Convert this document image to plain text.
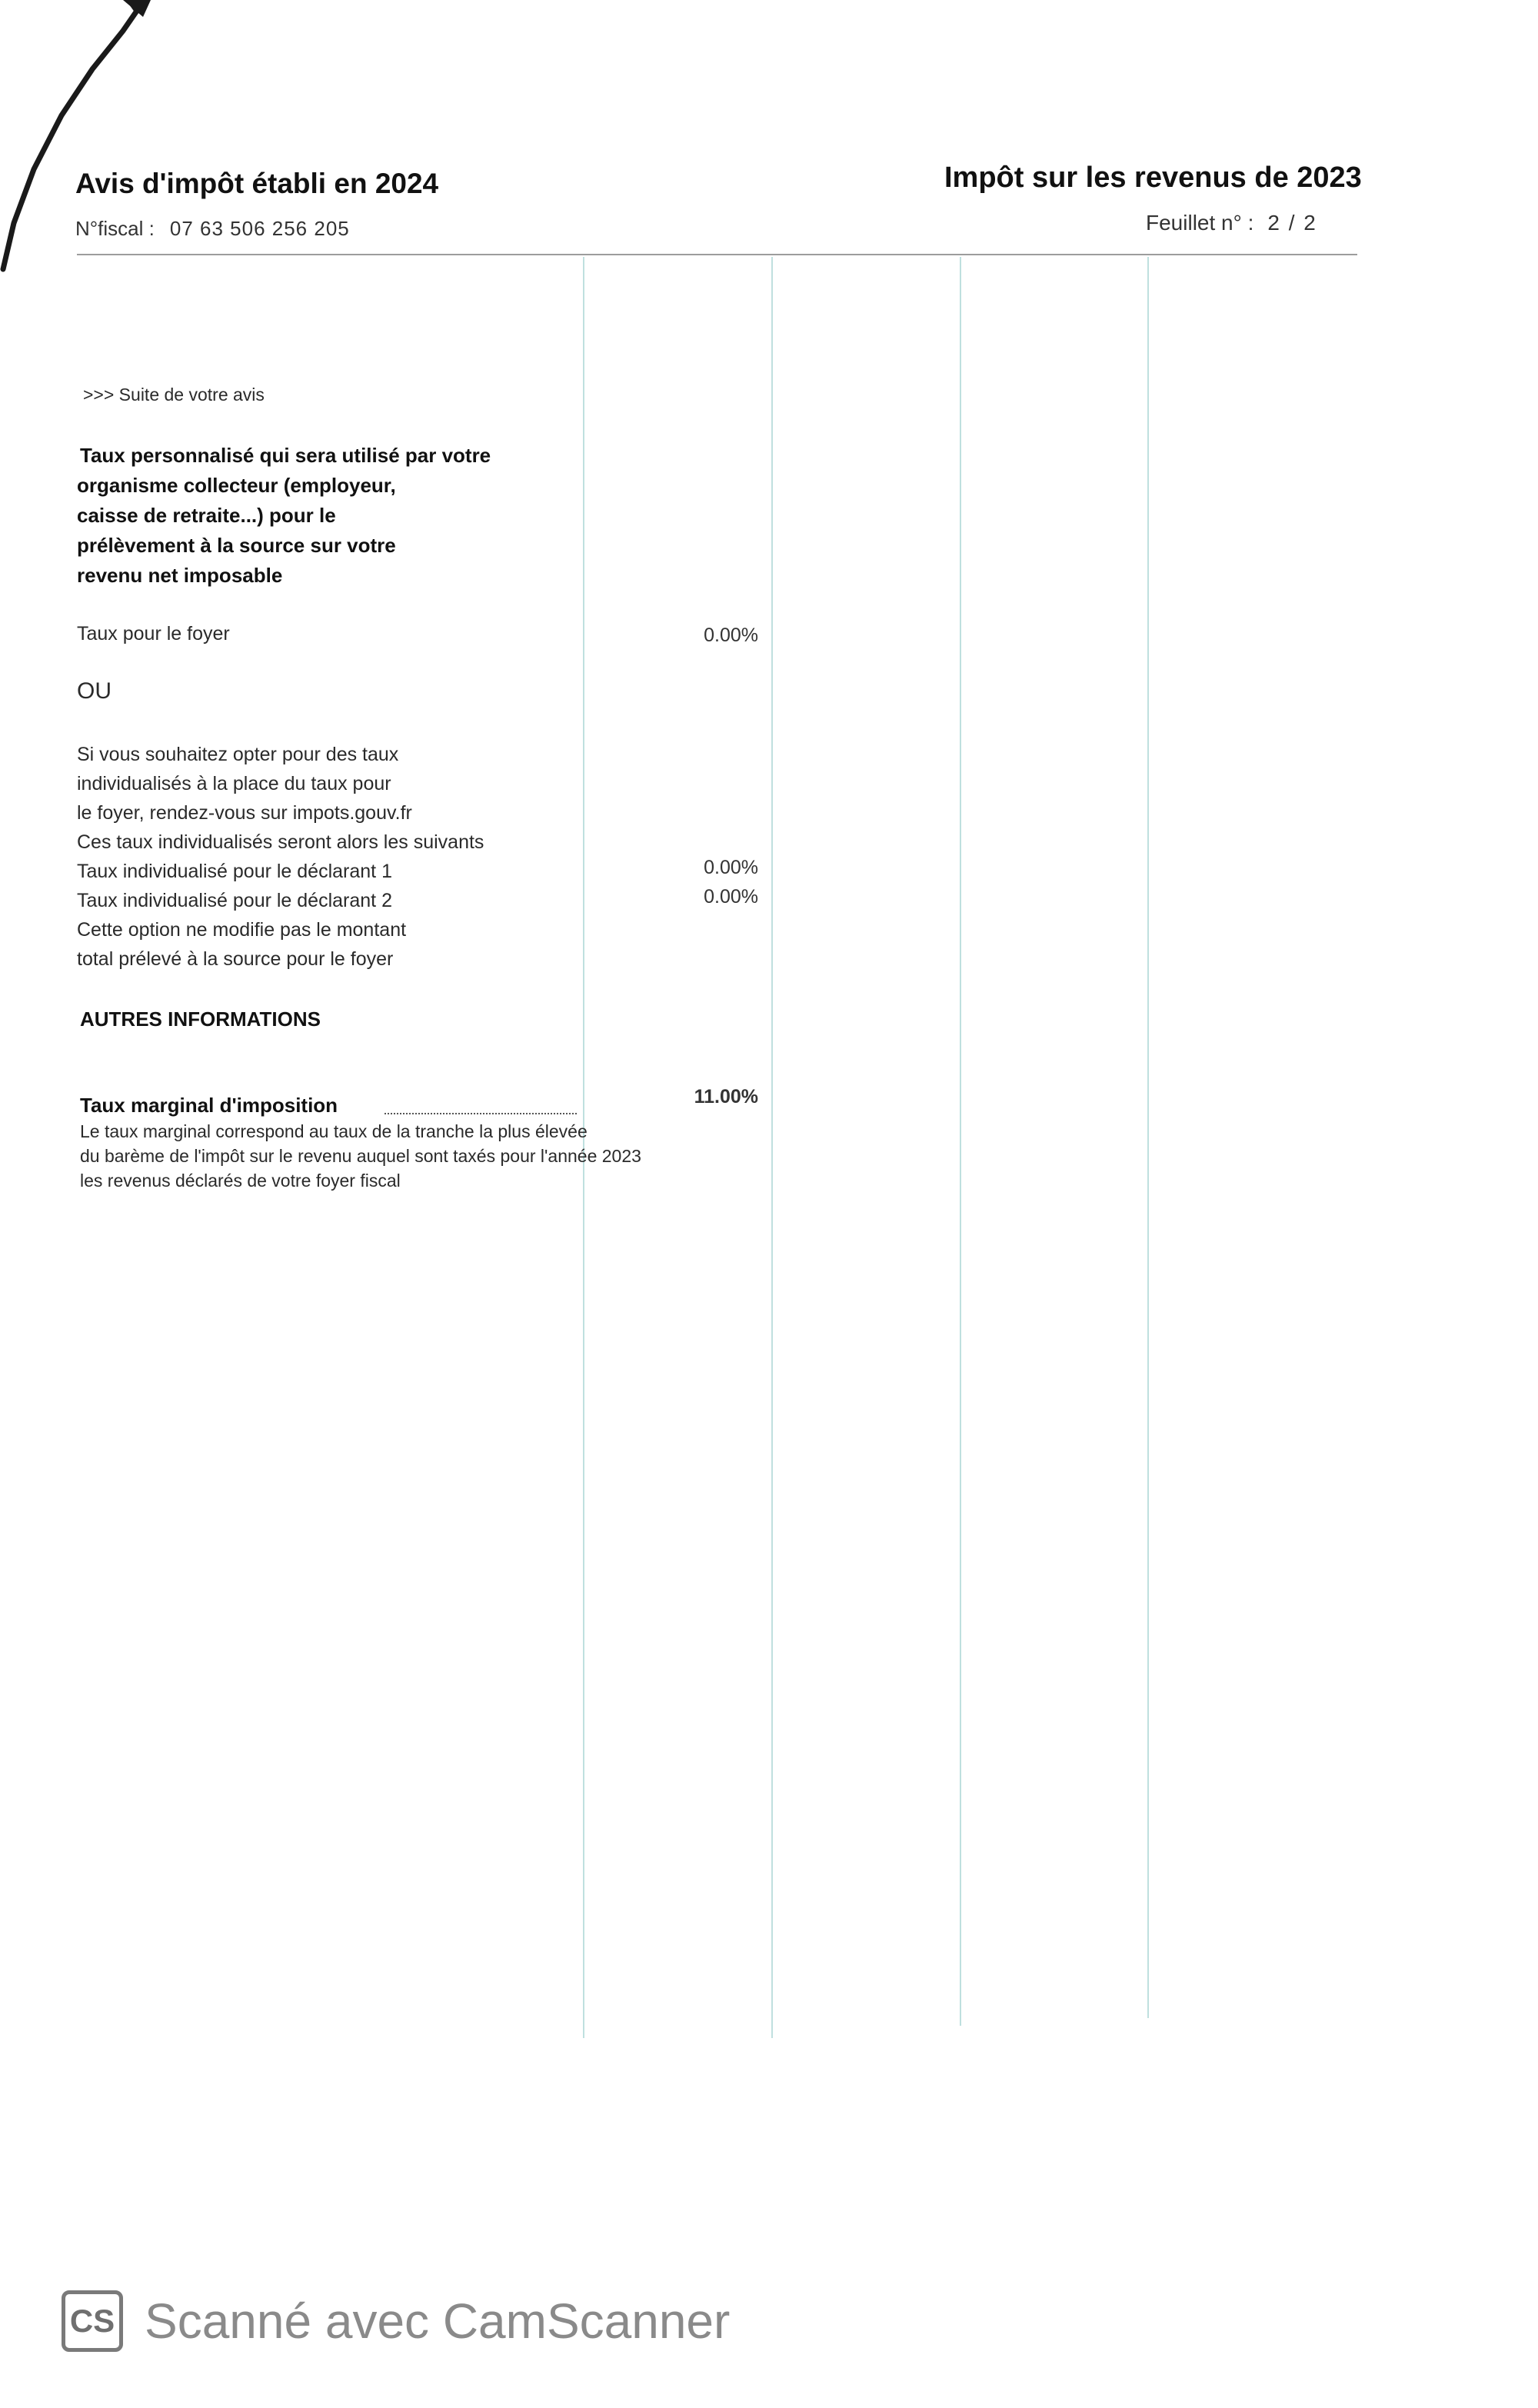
Avis d'impôt établi en 2024	Impôt sur les revenus de 2023
N°fiscal : 07 63 506 256 205	Feuillet n° : 2 / 2
>>> Suite de votre avis
Taux personnalisé qui sera utilisé par votre
organisme collecteur (employeur,
caisse de retraite...) pour le
prélèvement à la source sur votre
revenu net imposable
Taux pour le foyer	0.00%
OU
Si vous souhaitez opter pour des taux
individualisés à la place du taux pour
le foyer, rendez-vous sur impots.gouv.fr
Ces taux individualisés seront alors les suivants
Taux individualisé pour le déclarant 1	0.00%
Taux individualisé pour le déclarant 2	0.00%
Cette option ne modifie pas le montant
total prélevé à la source pour le foyer
AUTRES INFORMATIONS
Taux marginal d'imposition	11.00%
Le taux marginal correspond au taux de la tranche la plus élevée
du barème de l'impôt sur le revenu auquel sont taxés pour l'année 2023
les revenus déclarés de votre foyer fiscal
CS Scanné avec CamScanner
